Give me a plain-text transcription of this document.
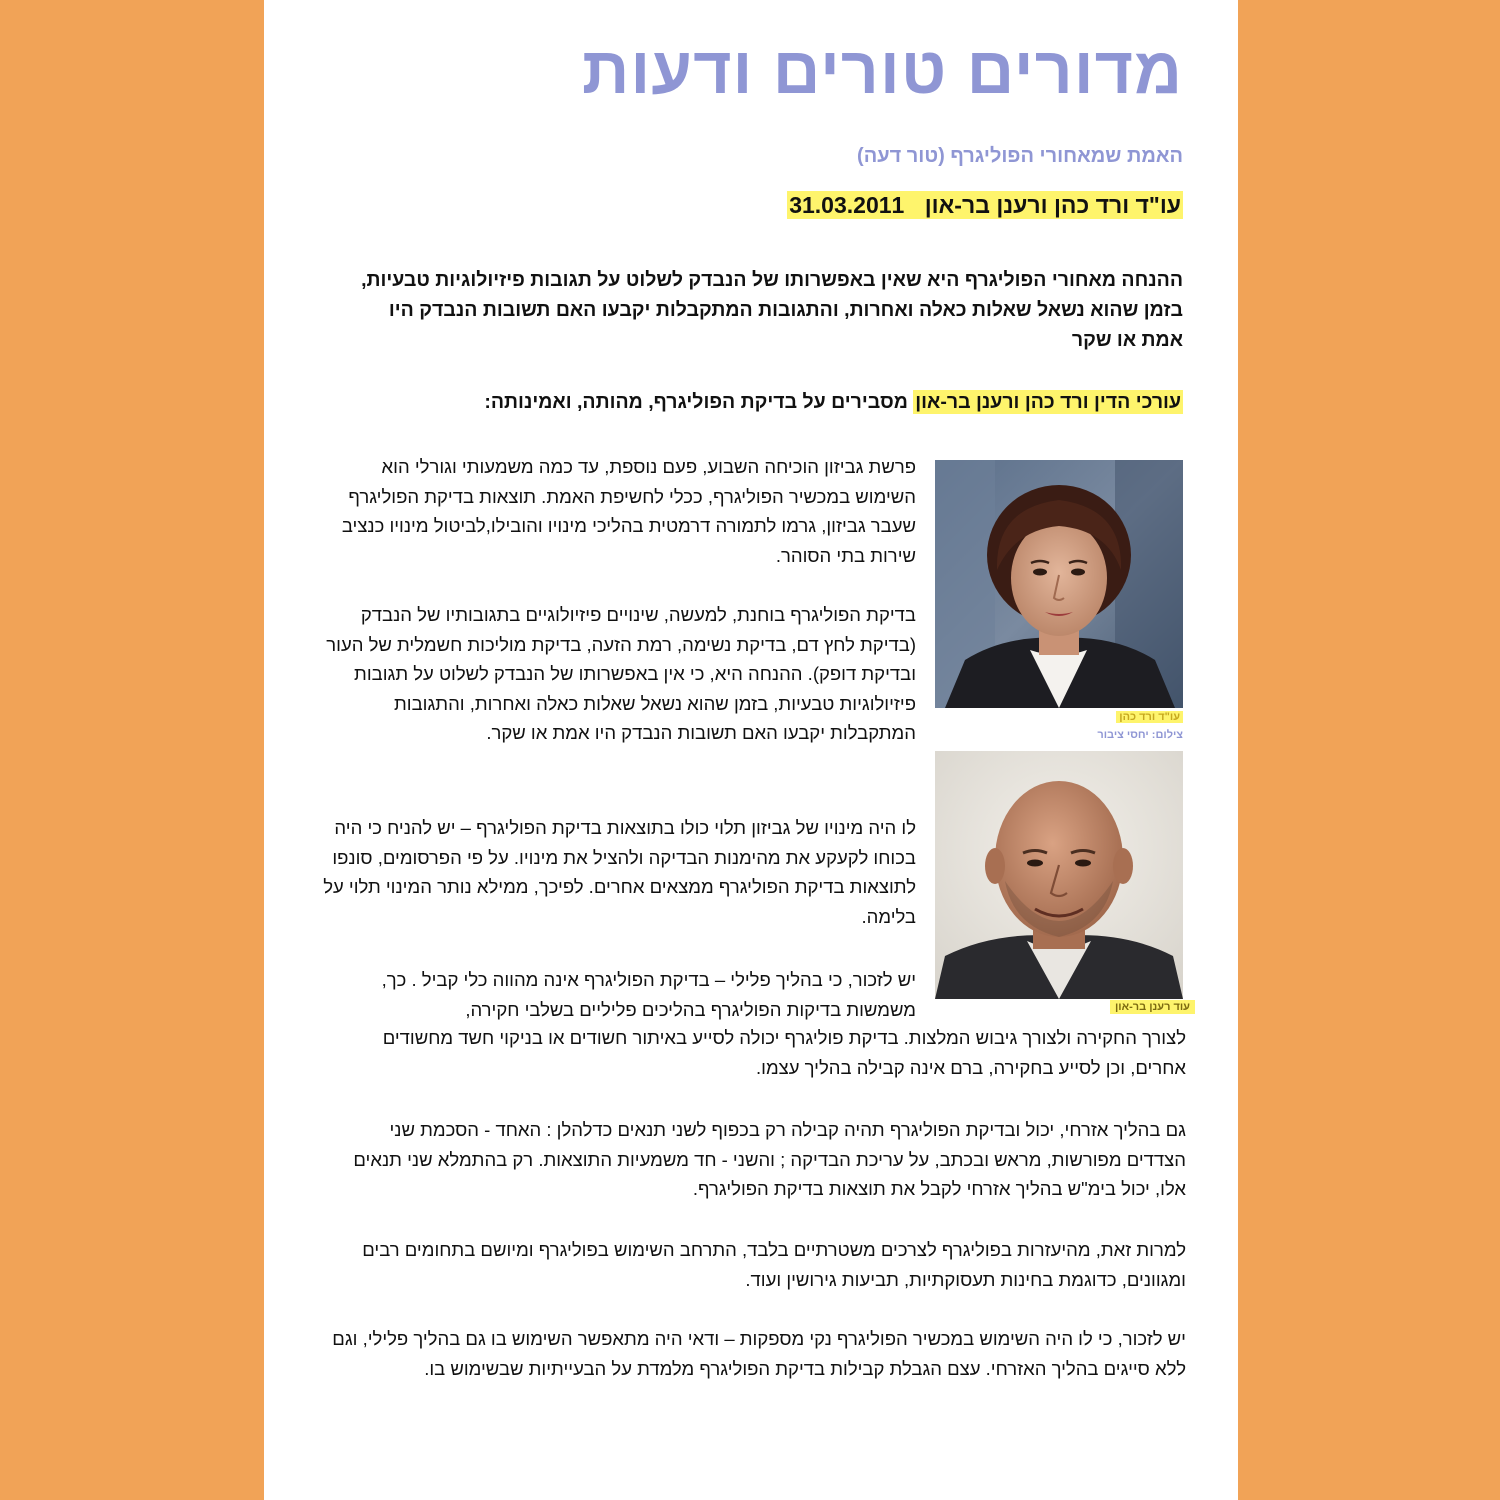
מדורים טורים ודעות
האמת שמאחורי הפוליגרף (טור דעה)
עו"ד ורד כהן ורענן בר-און 31.03.2011

ההנחה מאחורי הפוליגרף היא שאין באפשרותו של הנבדק לשלוט על תגובות פיזיולוגיות טבעיות, בזמן שהוא נשאל שאלות כאלה ואחרות, והתגובות המתקבלות יקבעו האם תשובות הנבדק היו אמת או שקר

עורכי הדין ורד כהן ורענן בר-און מסבירים על בדיקת הפוליגרף, מהותה, ואמינותה:

עו"ד ורד כהן
צילום: יחסי ציבור
עוד רענן בר-און

פרשת גביזון הוכיחה השבוע, פעם נוספת, עד כמה משמעותי וגורלי הוא השימוש במכשיר הפוליגרף, ככלי לחשיפת האמת. תוצאות בדיקת הפוליגרף שעבר גביזון, גרמו לתמורה דרמטית בהליכי מינויו והובילו,לביטול מינויו כנציב שירות בתי הסוהר.

בדיקת הפוליגרף בוחנת, למעשה, שינויים פיזיולוגיים בתגובותיו של הנבדק (בדיקת לחץ דם, בדיקת נשימה, רמת הזעה, בדיקת מוליכות חשמלית של העור ובדיקת דופק). ההנחה היא, כי אין באפשרותו של הנבדק לשלוט על תגובות פיזיולוגיות טבעיות, בזמן שהוא נשאל שאלות כאלה ואחרות, והתגובות המתקבלות יקבעו האם תשובות הנבדק היו אמת או שקר.

לו היה מינויו של גביזון תלוי כולו בתוצאות בדיקת הפוליגרף – יש להניח כי היה בכוחו לקעקע את מהימנות הבדיקה ולהציל את מינויו. על פי הפרסומים, סונפו לתוצאות בדיקת הפוליגרף ממצאים אחרים. לפיכך, ממילא נותר המינוי תלוי על בלימה.

יש לזכור, כי בהליך פלילי – בדיקת הפוליגרף אינה מהווה כלי קביל . כך, משמשות בדיקות הפוליגרף בהליכים פליליים בשלבי חקירה,

לצורך החקירה ולצורך גיבוש המלצות. בדיקת פוליגרף יכולה לסייע באיתור חשודים או בניקוי חשד מחשודים אחרים, וכן לסייע בחקירה, ברם אינה קבילה בהליך עצמו.

גם בהליך אזרחי, יכול ובדיקת הפוליגרף תהיה קבילה רק בכפוף לשני תנאים כדלהלן : האחד - הסכמת שני הצדדים מפורשות, מראש ובכתב, על עריכת הבדיקה ; והשני - חד משמעיות התוצאות. רק בהתמלא שני תנאים אלו, יכול בימ"ש בהליך אזרחי לקבל את תוצאות בדיקת הפוליגרף.

למרות זאת, מהיעזרות בפוליגרף לצרכים משטרתיים בלבד, התרחב השימוש בפוליגרף ומיושם בתחומים רבים ומגוונים, כדוגמת בחינות תעסוקתיות, תביעות גירושין ועוד.

יש לזכור, כי לו היה השימוש במכשיר הפוליגרף נקי מספקות – ודאי היה מתאפשר השימוש בו גם בהליך פלילי, וגם ללא סייגים בהליך האזרחי. עצם הגבלת קבילות בדיקת הפוליגרף מלמדת על הבעייתיות שבשימוש בו.
